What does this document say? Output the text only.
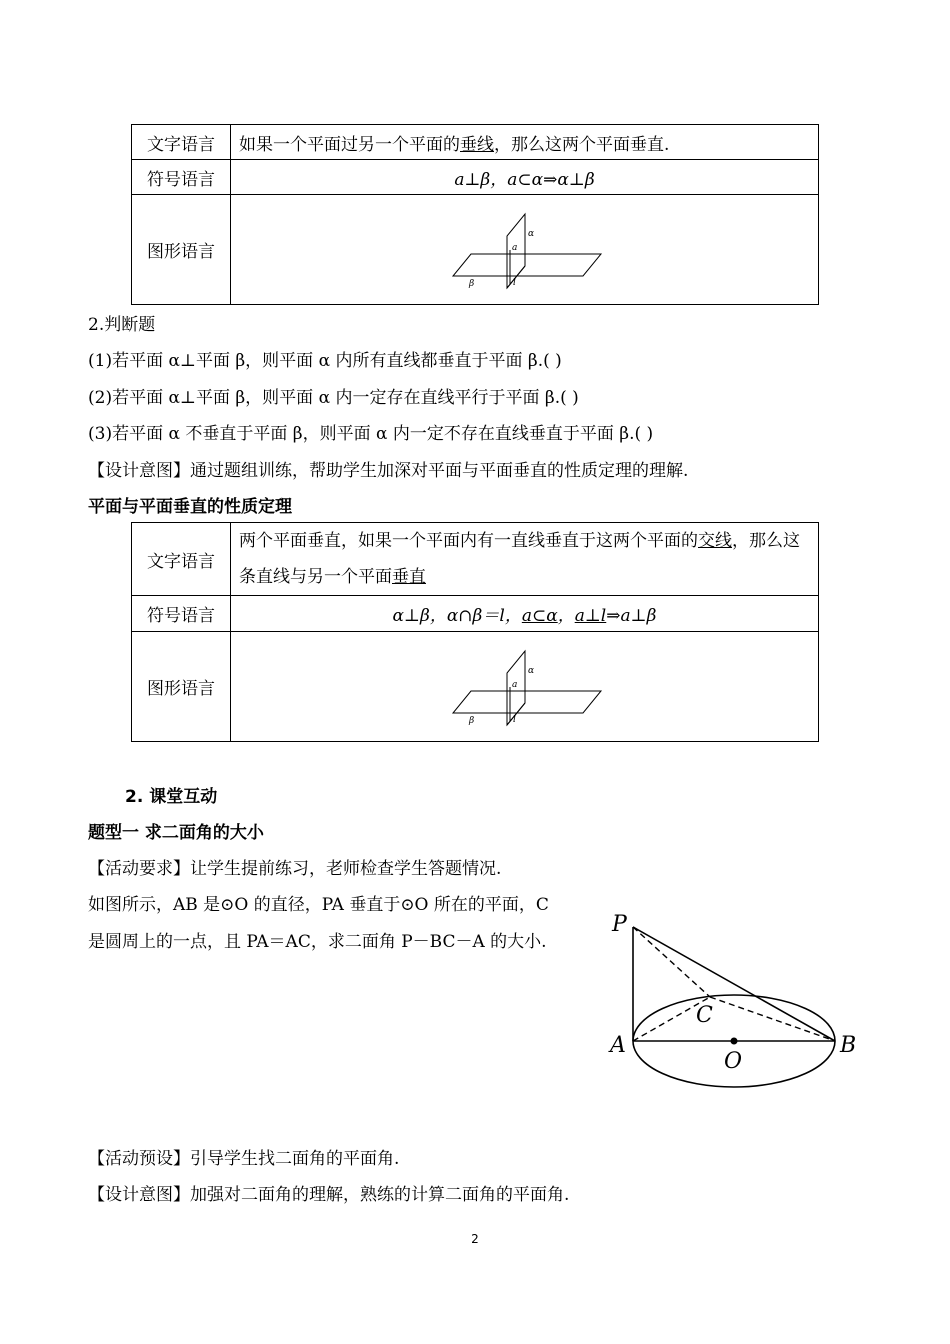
文字语言	如果一个平面过另一个平面的垂线，那么这两个平面垂直.
符号语言	a⊥β，a⊂α⇒α⊥β
图形语言	α
a
l
β
2.判断题
(1)若平面 α⊥平面 β，则平面 α 内所有直线都垂直于平面 β.( )
(2)若平面 α⊥平面 β，则平面 α 内一定存在直线平行于平面 β.( )
(3)若平面 α 不垂直于平面 β，则平面 α 内一定不存在直线垂直于平面 β.( )
【设计意图】通过题组训练，帮助学生加深对平面与平面垂直的性质定理的理解.
平面与平面垂直的性质定理
文字语言	两个平面垂直，如果一个平面内有一直线垂直于这两个平面的交线，那么这条直线与另一个平面垂直
符号语言	α⊥β，α∩β＝l，a⊂α，a⊥l⇒a⊥β
图形语言	α
a
l
β
2. 课堂互动
题型一 求二面角的大小
【活动要求】让学生提前练习，老师检查学生答题情况.
如图所示，AB 是⊙O 的直径，PA 垂直于⊙O 所在的平面，C
是圆周上的一点，且 PA＝AC，求二面角 P－BC－A 的大小.
P
A	B
C
O
【活动预设】引导学生找二面角的平面角.
【设计意图】加强对二面角的理解，熟练的计算二面角的平面角.
2
